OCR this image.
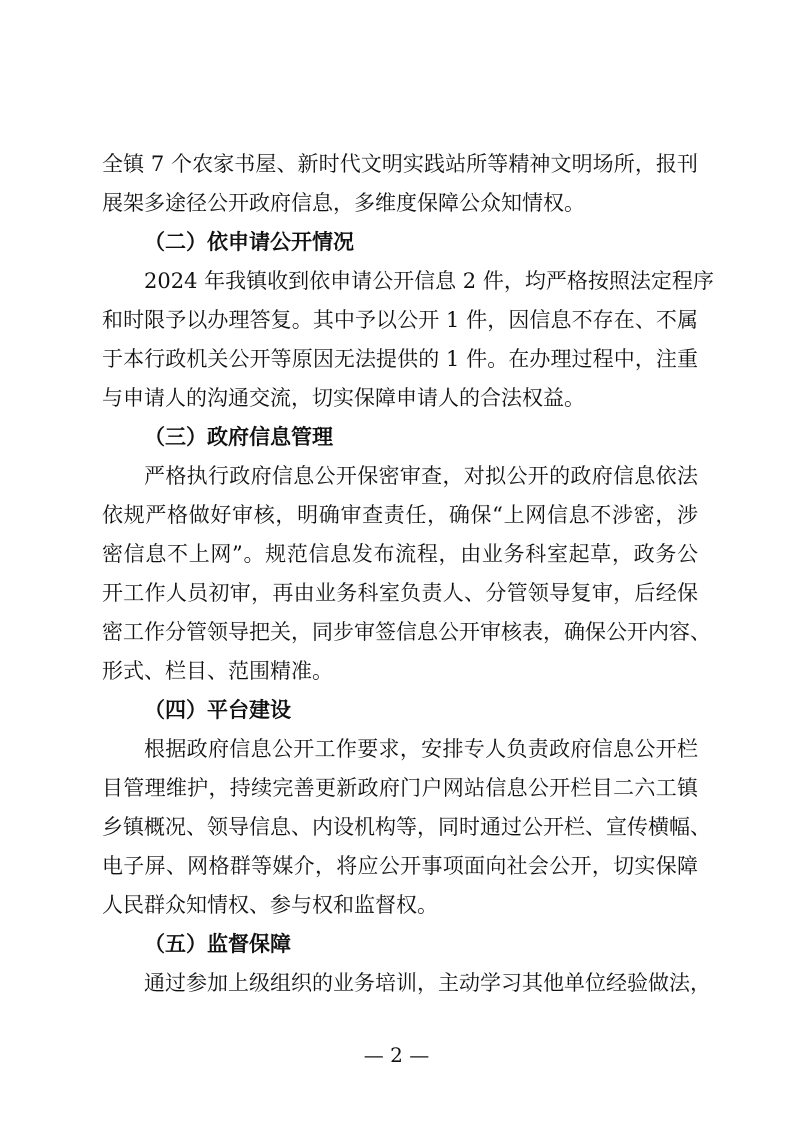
全镇 7 个农家书屋、新时代文明实践站所等精神文明场所，报刊
展架多途径公开政府信息，多维度保障公众知情权。
（二）依申请公开情况
2024 年我镇收到依申请公开信息 2 件，均严格按照法定程序
和时限予以办理答复。其中予以公开 1 件，因信息不存在、不属
于本行政机关公开等原因无法提供的 1 件。在办理过程中，注重
与申请人的沟通交流，切实保障申请人的合法权益。
（三）政府信息管理
严格执行政府信息公开保密审查，对拟公开的政府信息依法
依规严格做好审核，明确审查责任，确保“上网信息不涉密，涉
密信息不上网”。规范信息发布流程，由业务科室起草，政务公
开工作人员初审，再由业务科室负责人、分管领导复审，后经保
密工作分管领导把关，同步审签信息公开审核表，确保公开内容、
形式、栏目、范围精准。
（四）平台建设
根据政府信息公开工作要求，安排专人负责政府信息公开栏
目管理维护，持续完善更新政府门户网站信息公开栏目二六工镇
乡镇概况、领导信息、内设机构等，同时通过公开栏、宣传横幅、
电子屏、网格群等媒介，将应公开事项面向社会公开，切实保障
人民群众知情权、参与权和监督权。
（五）监督保障
通过参加上级组织的业务培训，主动学习其他单位经验做法，
— 2 —
